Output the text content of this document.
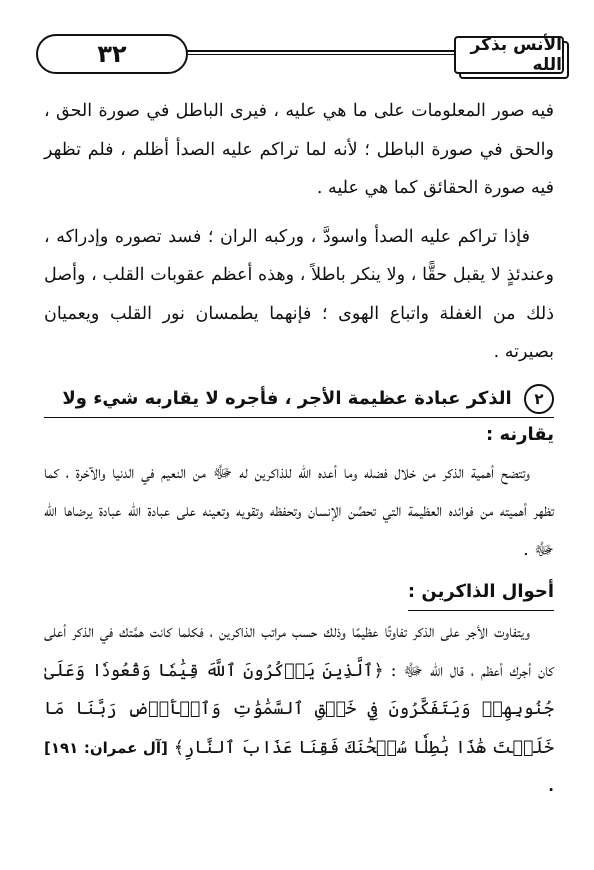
٣٢	الأنس بذكر الله

فيه صور المعلومات على ما هي عليه ، فيرى الباطل في صورة الحق ، والحق في صورة الباطل ؛ لأنه لما تراكم عليه الصدأ أظلم ، فلم تظهر فيه صورة الحقائق كما هي عليه .

فإذا تراكم عليه الصدأ واسودَّ ، وركبه الران ؛ فسد تصوره وإدراكه ، وعندئذٍ لا يقبل حقًّا ، ولا ينكر باطلاً ، وهذه أعظم عقوبات القلب ، وأصل ذلك من الغفلة واتباع الهوى ؛ فإنهما يطمسان نور القلب ويعميان بصيرته .

٢ الذكر عبادة عظيمة الأجر ، فأجره لا يقاربه شيء ولا
يقارنه :

وتتضح أهمية الذكر من خلال فضله وما أعده الله للذاكرين له ﷻ من النعيم في الدنيا والآخرة ، كما تظهر أهميته من فوائده العظيمة التي تحصِّن الإنسان وتحفظه وتقويه وتعينه على عبادة الله عبادة يرضاها الله ﷻ .

أحوال الذاكرين :

ويتفاوت الأجر على الذكر تفاوتًا عظيمًا وذلك حسب مراتب الذاكرين ، فكلما كانت همَّتك في الذكر أعلى كان أجرك أعظم ، قال الله ﷻ : ﴿ٱلَّذِينَ يَذۡكُرُونَ ٱللَّهَ قِيَٰمٗا وَقُعُودٗا وَعَلَىٰ جُنُوبِهِمۡ وَيَتَفَكَّرُونَ فِي خَلۡقِ ٱلسَّمَٰوَٰتِ وَٱلۡأَرۡضِ رَبَّنَا مَا خَلَقۡتَ هَٰذَا بَٰطِلٗا سُبۡحَٰنَكَ فَقِنَا عَذَابَ ٱلنَّارِ﴾ [آل عمران: ١٩١] .
